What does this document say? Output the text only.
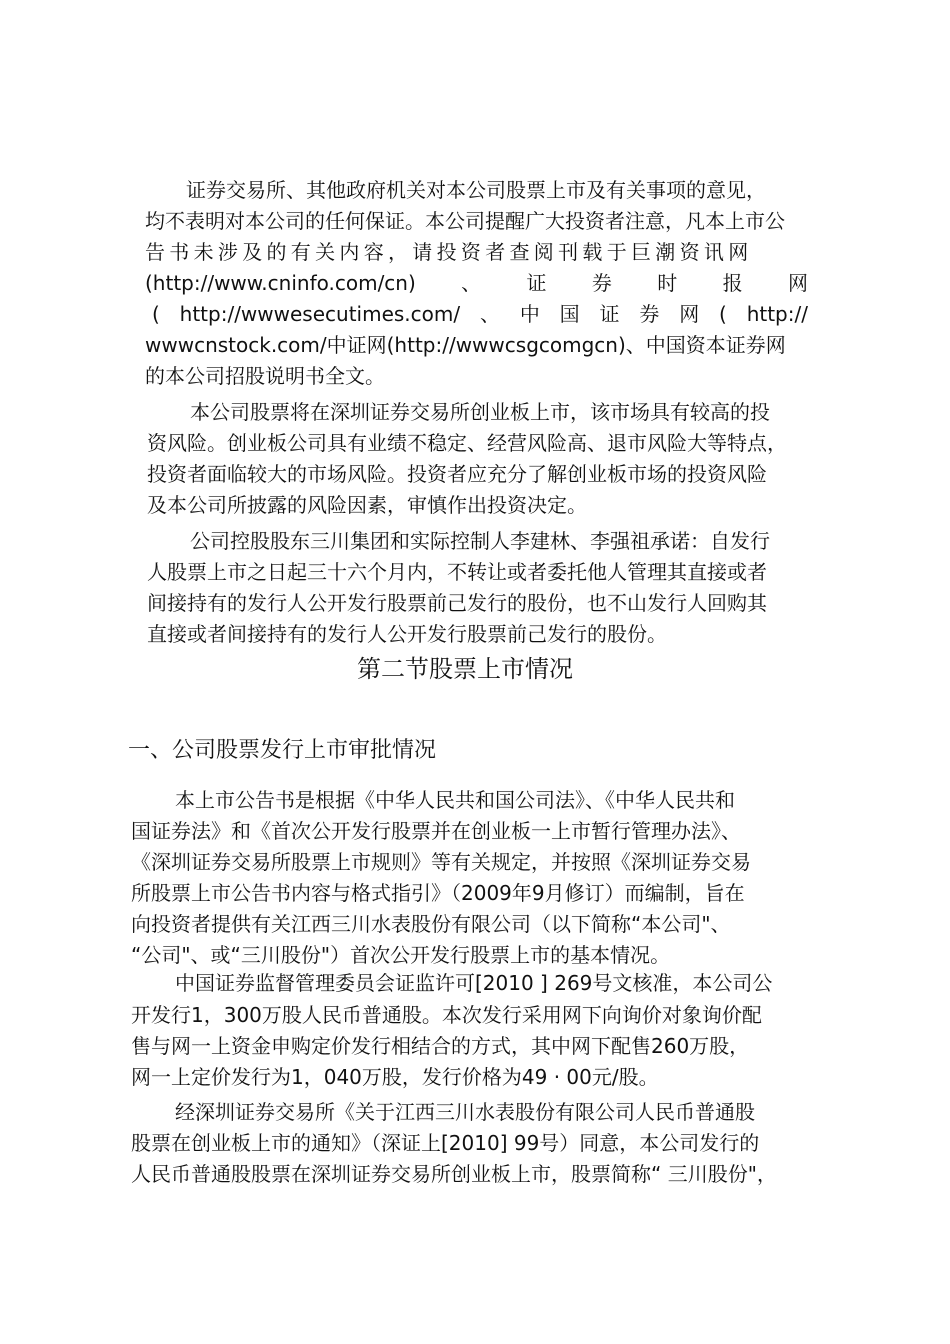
证券交易所、其他政府机关对本公司股票上市及有关事项的意见，

均不表明对本公司的任何保证。本公司提醒广大投资者注意，凡本上市公

告书未涉及的有关内容，请投资者查阅刊载于巨潮资讯网

(http://www.cninfo.com/cn) 、 证 券 时 报 网
( http://wwwesecutimes.com/ 、 中 国 证 券 网 ( http://

wwwcnstock.com/中证网(http://wwwcsgcomgcn)、中国资本证券网

的本公司招股说明书全文。

本公司股票将在深圳证券交易所创业板上市，该市场具有较高的投

资风险。创业板公司具有业绩不稳定、经营风险高、退市风险大等特点，

投资者面临较大的市场风险。投资者应充分了解创业板市场的投资风险

及本公司所披露的风险因素，审慎作出投资决定。

公司控股股东三川集团和实际控制人李建林、李强祖承诺：自发行

人股票上市之日起三十六个月内，不转让或者委托他人管理其直接或者

间接持有的发行人公开发行股票前己发行的股份，也不山发行人回购其

直接或者间接持有的发行人公开发行股票前己发行的股份。

第二节股票上市情况
一、公司股票发行上市审批情况

本上市公告书是根据《中华人民共和国公司法》、《中华人民共和

国证券法》和《首次公开发行股票并在创业板一上市暂行管理办法》、

《深圳证券交易所股票上市规则》等有关规定，并按照《深圳证券交易

所股票上市公告书内容与格式指引》（2009年9月修订）而编制，旨在

向投资者提供有关江西三川水表股份有限公司（以下简称“本公司"、

“公司"、或“三川股份"）首次公开发行股票上市的基本情况。

中国证券监督管理委员会证监许可[2010 ] 269号文核准，本公司公

开发行1，300万股人民币普通股。本次发行采用网下向询价对象询价配

售与网一上资金申购定价发行相结合的方式，其中网下配售260万股，

网一上定价发行为1，040万股，发行价格为49 · 00元/股。

经深圳证券交易所《关于江西三川水表股份有限公司人民币普通股

股票在创业板上市的通知》（深证上[2010] 99号）同意，本公司发行的

人民币普通股股票在深圳证券交易所创业板上市，股票简称“ 三川股份"，
